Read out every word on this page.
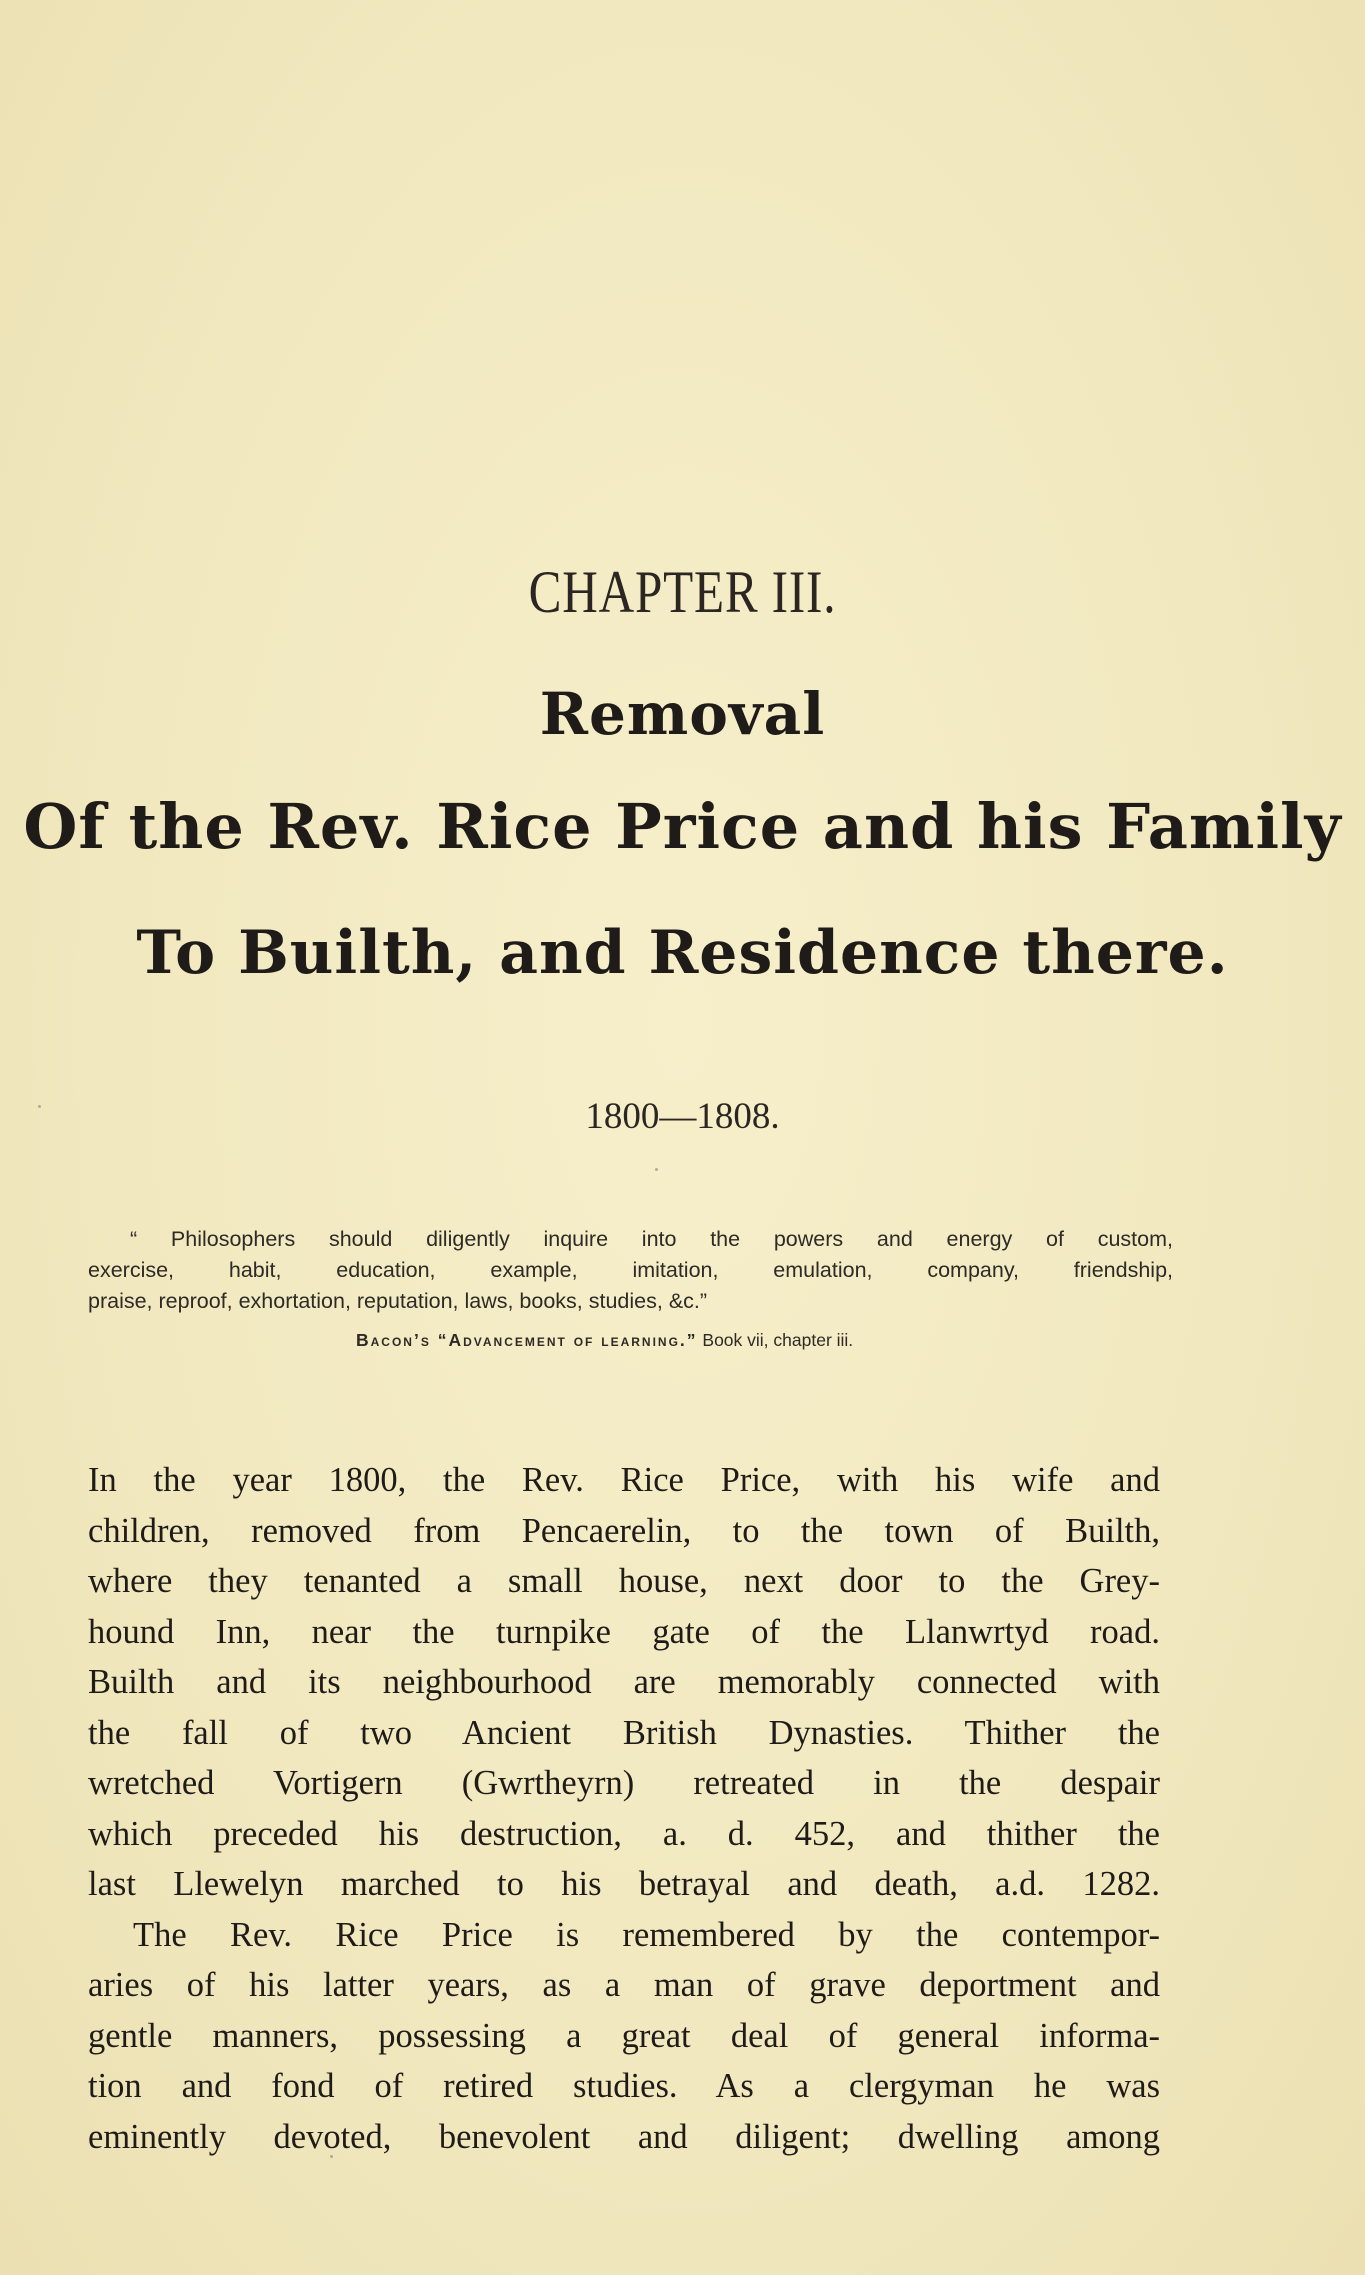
CHAPTER III.
Removal
Of the Rev. Rice Price and his Family
To Builth, and Residence there.
1800—1808.
“ Philosophers should diligently inquire into the powers and energy of custom,
exercise, habit, education, example, imitation, emulation, company, friendship,
praise, reproof, exhortation, reputation, laws, books, studies, &c.”
Bacon’s “Advancement of learning.” Book vii, chapter iii.

In the year 1800, the Rev. Rice Price, with his wife and
children, removed from Pencaerelin, to the town of Builth,
where they tenanted a small house, next door to the Grey-
hound Inn, near the turnpike gate of the Llanwrtyd road.
Builth and its neighbourhood are memorably connected with
the fall of two Ancient British Dynasties. Thither the
wretched Vortigern (Gwrtheyrn) retreated in the despair
which preceded his destruction, a. d. 452, and thither the
last Llewelyn marched to his betrayal and death, a.d. 1282.

The Rev. Rice Price is remembered by the contempor-
aries of his latter years, as a man of grave deportment and
gentle manners, possessing a great deal of general informa-
tion and fond of retired studies. As a clergyman he was
eminently devoted, benevolent and diligent; dwelling among
